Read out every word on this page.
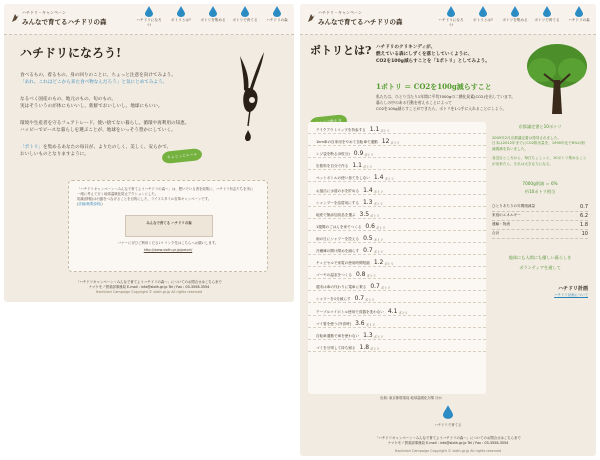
ハチドリ・キャンペーン
みんなで育てるハチドリの森	ハチドリになろう!
ポトリとは?	ポトリを集める ポトリで育てる	ハチドリの森
ハチドリになろう!
食べるもの、着るもの、身の回りのことに、ちょっと注意を向けてみよう。
「あれ、これはどこから来た食べ物なんだろう」と気にとめてみよう。
なるべく国産のもの、地元のもの、旬のもの。
実はそういうのが体にもいいし、新鮮でおいしいし、地球にもいい。
環境や生産者を守るフェアトレード、使い捨てない暮らし。循環や再利用の知恵。
ハッピーでピースな暮らしを選ぶことが、地球をいっそう豊かにしていく。
「ポトリ」を集めるあなたの毎日が、よりたのしく、美しく、安らかで、
おいしいものとなりますように。	ちょこっとルール
「ハチドリキャンペーン～みんなで育てようハチドリの森～」は、想いでいる者を結集に、ハチドリ有志たちを実に
一緒に考えて行く地球温暖化防止アクションにした。
知識(情報)は行動をつなげることを目的にした、ライフスタイル変革キャンペーンです。
(詳細(概要説明))
みんなで育てる ハチドリの森
バナーにぜひご利用ください! リンク先はこちらへお願いします。
http://www.sloth.gr.jp/potori/
「ハチドリキャンペーン～みんなで育てようハチドリの森～」についてのお問合せはこちらまで
ナマケモノ倶楽部事務局 E-mail : info@sloth.gr.jp Tel / Fax : 03-3558-3554
Hachidori Campaign Copyright © sloth.gr.jp All rights reserved
ハチドリ・キャンペーン
みんなで育てるハチドリの森	ハチドリになろう!
ポトリとは?	ポトリを集める ポトリで育てる	ハチドリの森
ポトリとは? ハチドリのクリキンディが、
燃えている森にしずくを落としていくように、
CO2を100g減らすことを「1ポトリ」としてみよう。
1ポトリ ＝ CO2を100g減らすこと
私たちは、ひとり当たり1年間に平均7000gの二酸化炭素(CO2)を出しています。
暮らしの中のある行動を省えることによって
CO2を100g減らすことができたら、ポトリを1つ手に入れることにしよう。
テイクアウトコップを持参する 1.1 ポトリ
1km車の自家用をやめて自転車で通勤 12 ポトリ
レジ袋を断る(5枚分) 0.9 ポトリ
缶飲料を自分で作る 1.1 ポトリ
ペットボトルの使い捨てをしない 1.4 ポトリ
お風呂に水道の水を貯める 1.4 ポトリ
シャンプーを詰替用にする 1.3 ポトリ
地産で無添加食品を選ぶ 3.5 ポトリ
1週間のごはんを家でつくる 0.6 ポトリ
雨の日にシャワーを控える 0.5 ポトリ
冷蔵庫の開け閉めを減らす 0.7 ポトリ
チェビセルで家電の使用時間短縮 1.2 ポトリ
ゴーヤの温室をつくる 0.8 ポトリ
週末は車の代わりに電車に乗る 0.7 ポトリ
シャワーを1分減らす 0.7 ポトリ
テーブルマイボトル使用で食器を洗わない 4.1 ポトリ
マイ箸を使う(外食時) 3.6 ポトリ
自転車通勤で車を使わない 1.3 ポトリ
ゴミを分別して持ち帰る 1.8 ポトリ
京都議定書と10ポトリ
2005年2月京都議定書は発効されました。
日本は2012年までにCO2排出量を、1990年比で6%の削減義務を負いました。
身近なところから、毎日ちょこっと、10ポトリ集めることが出来たら、それは大きな力になる。
7000g削減 ＝ 6%
約10ポトリ相当
ひとりあたりの年間削減量	0.7
家庭のエネルギー	6.2
運輸・物流	1.8
合計	10
地球にも人間にも優しい暮らしを
ボランティアを通して
ハチドリ計画
ハチドリ計画について
出典: 東京都環境局 地球温暖化対策 ほか
ハチドリで育てる
「ハチドリキャンペーン～みんなで育てようハチドリの森～」についてのお問合せはこちらまで
ナマケモノ倶楽部事務局 E-mail : info@sloth.gr.jp Tel / Fax : 03-3558-3554
Hachidori Campaign Copyright © sloth.gr.jp All rights reserved
